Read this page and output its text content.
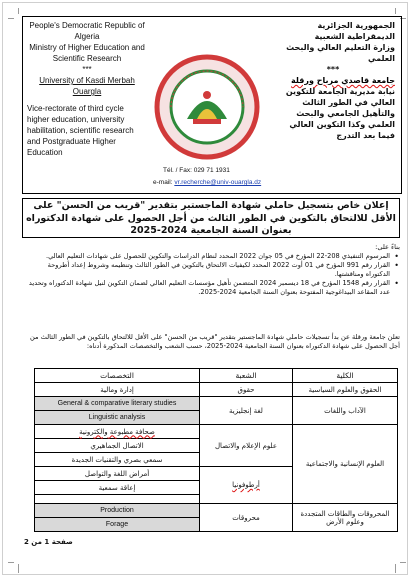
People's Democratic Republic of Algeria
Ministry of Higher Education and Scientific Research
***
University of Kasdi Merbah Ouargla
Vice-rectorate of third cycle higher education, university habilitation, scientific research and Postgraduate Higher Education
الجمهورية الجزائرية الديمقراطية الشعبية
وزارة التعليم العالي والبحث العلمي
***
جامعة قاصدي مرباح ورقلة
نيابة مديرية الجامعة للتكوين العالي في الطور الثالث والتأهيل الجامعي والبحث العلمي وكذا التكوين العالي فيما بعد التدرج
Tél. / Fax: 029 71 1931
e-mail: vr.recherche@univ-ouargla.dz
إعلان خاص بتسجيل حاملي شهادة الماجستير بتقدير "قريب من الحسن" على الأقل للالتحاق بالتكوين في الطور الثالث من أجل الحصول على شهادة الدكتوراه بعنوان السنة الجامعية 2024-2025
بناءً على:
• المرسوم التنفيذي 208-22 المؤرخ في 05 جوان 2022 المحدد لنظام الدراسات والتكوين للحصول على شهادات التعليم العالي.
• القرار رقم 991 المؤرخ في 01 أوت 2022 المحدد لكيفيات الالتحاق بالتكوين في الطور الثالث وتنظيمه وشروط إعداد أطروحة الدكتوراه ومناقشتها.
• القرار رقم 1548 المؤرخ في 18 ديسمبر 2024 المتضمن تأهيل مؤسسات التعليم العالي لضمان التكوين لنيل شهادة الدكتوراه وتحديد عدد المقاعد البيداغوجية المفتوحة بعنوان السنة الجامعية 2024-2025.
تعلن جامعة ورقلة عن بدأ تسجيلات حاملي شهادة الماجستير بتقدير "قريب من الحسن" على الأقل للالتحاق بالتكوين في الطور الثالث من أجل الحصول على شهادة الدكتوراه بعنوان السنة الجامعية 2024-2025، حسب الشعب والتخصصات المذكورة أدناه:
الكلية	الشعبة	التخصصات
الحقوق والعلوم السياسية	حقوق	إدارة ومالية
الآداب واللغات	لغة إنجليزية	General & comparative literary studies
		Linguistic analysis
العلوم الإنسانية والاجتماعية	علوم الإعلام والاتصال	صحافة مطبوعة والكترونية
		الاتصال الجماهيري
		سمعي بصري والتقنيات الجديدة
	أرطوفونيا	أمراض اللغة والتواصل
		إعاقة سمعية

المحروقات والطاقات المتجددة وعلوم الأرض	محروقات	Production
		Forage
صفحة 1 من 2
